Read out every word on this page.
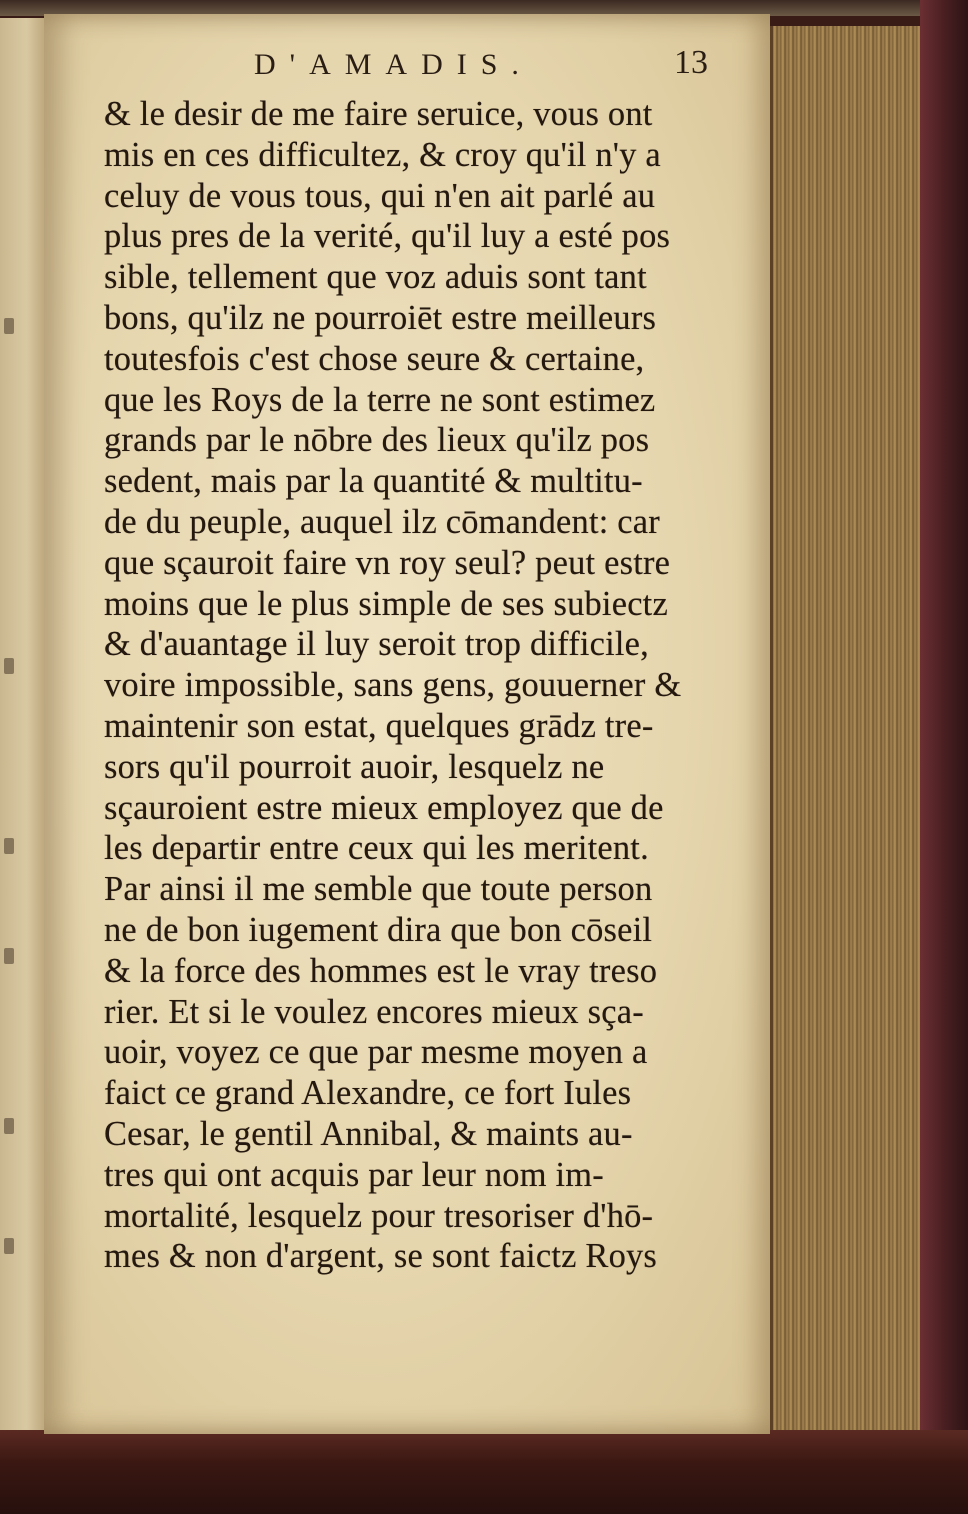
D'AMADIS.	13
& le desir de me faire seruice, vous ont
mis en ces difficultez, & croy qu'il n'y a
celuy de vous tous, qui n'en ait parlé au
plus pres de la verité, qu'il luy a esté pos
sible, tellement que voz aduis sont tant
bons, qu'ilz ne pourroiēt estre meilleurs
toutesfois c'est chose seure & certaine,
que les Roys de la terre ne sont estimez
grands par le nōbre des lieux qu'ilz pos
sedent, mais par la quantité & multitu-
de du peuple, auquel ilz cōmandent: car
que sçauroit faire vn roy seul? peut estre
moins que le plus simple de ses subiectz
& d'auantage il luy seroit trop difficile,
voire impossible, sans gens, gouuerner &
maintenir son estat, quelques grādz tre-
sors qu'il pourroit auoir, lesquelz ne
sçauroient estre mieux employez que de
les departir entre ceux qui les meritent.
Par ainsi il me semble que toute person
ne de bon iugement dira que bon cōseil
& la force des hommes est le vray treso
rier. Et si le voulez encores mieux sça-
uoir, voyez ce que par mesme moyen a
faict ce grand Alexandre, ce fort Iules
Cesar, le gentil Annibal, & maints au-
tres qui ont acquis par leur nom im-
mortalité, lesquelz pour tresoriser d'hō-
mes & non d'argent, se sont faictz Roys
